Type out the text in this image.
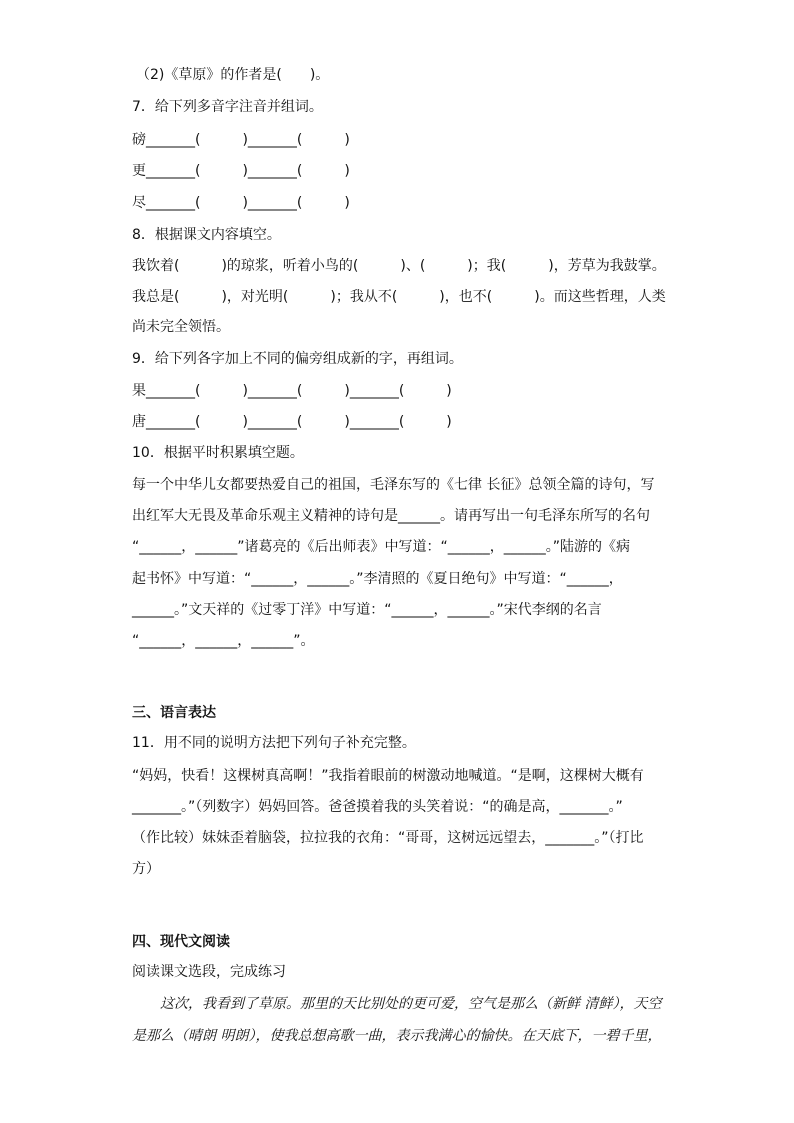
（2)《草原》的作者是(　　)。

7．给下列多音字注音并组词。

磅_______(　　　)_______(　　　)

更_______(　　　)_______(　　　)

尽_______(　　　)_______(　　　)

8．根据课文内容填空。

我饮着(　　　)的琼浆，听着小鸟的(　　　)、(　　　)；我(　　　)，芳草为我鼓掌。

我总是(　　　)，对光明(　　　)；我从不(　　　)，也不(　　　)。而这些哲理，人类

尚未完全领悟。

9．给下列各字加上不同的偏旁组成新的字，再组词。

果_______(　　　)_______(　　　)_______(　　　)

唐_______(　　　)_______(　　　)_______(　　　)

10．根据平时积累填空题。

每一个中华儿女都要热爱自己的祖国，毛泽东写的《七律 长征》总领全篇的诗句，写

出红军大无畏及革命乐观主义精神的诗句是______。请再写出一句毛泽东所写的名句

“______，______”诸葛亮的《后出师表》中写道：“______，______。”陆游的《病

起书怀》中写道：“______，______。”李清照的《夏日绝句》中写道：“______，

______。”文天祥的《过零丁洋》中写道：“______，______。”宋代李纲的名言

“______，______，______”。

三、语言表达

11．用不同的说明方法把下列句子补充完整。

“妈妈，快看！这棵树真高啊！”我指着眼前的树激动地喊道。“是啊，这棵树大概有

_______。”（列数字）妈妈回答。爸爸摸着我的头笑着说：“的确是高，_______。”

（作比较）妹妹歪着脑袋，拉拉我的衣角：“哥哥，这树远远望去，_______。”（打比

方）

四、现代文阅读

阅读课文选段，完成练习

这次，我看到了草原。那里的天比别处的更可爱，空气是那么（新鲜 清鲜），天空

是那么（晴朗 明朗），使我总想高歌一曲，表示我满心的愉快。在天底下，一碧千里，
